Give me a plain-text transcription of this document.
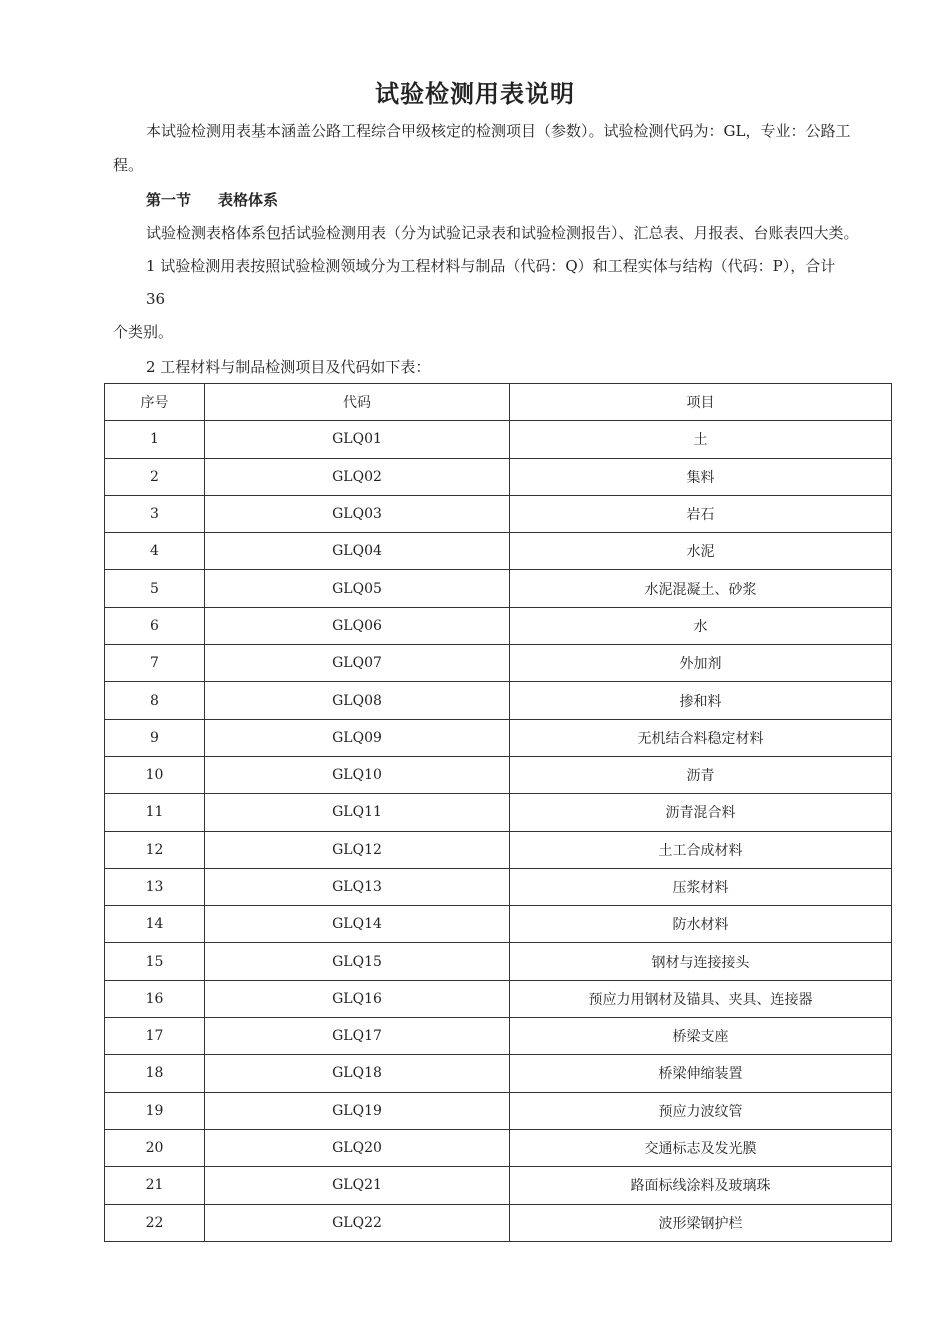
试验检测用表说明
本试验检测用表基本涵盖公路工程综合甲级核定的检测项目（参数）。试验检测代码为：GL，专业：公路工
程。
第一节 表格体系
试验检测表格体系包括试验检测用表（分为试验记录表和试验检测报告）、汇总表、月报表、台账表四大类。
1 试验检测用表按照试验检测领域分为工程材料与制品（代码：Q）和工程实体与结构（代码：P），合计
36
个类别。
2 工程材料与制品检测项目及代码如下表：
序号	代码	项目
1	GLQ01	土
2	GLQ02	集料
3	GLQ03	岩石
4	GLQ04	水泥
5	GLQ05	水泥混凝土、砂浆
6	GLQ06	水
7	GLQ07	外加剂
8	GLQ08	掺和料
9	GLQ09	无机结合料稳定材料
10	GLQ10	沥青
11	GLQ11	沥青混合料
12	GLQ12	土工合成材料
13	GLQ13	压浆材料
14	GLQ14	防水材料
15	GLQ15	钢材与连接接头
16	GLQ16	预应力用钢材及锚具、夹具、连接器
17	GLQ17	桥梁支座
18	GLQ18	桥梁伸缩装置
19	GLQ19	预应力波纹管
20	GLQ20	交通标志及发光膜
21	GLQ21	路面标线涂料及玻璃珠
22	GLQ22	波形梁钢护栏
